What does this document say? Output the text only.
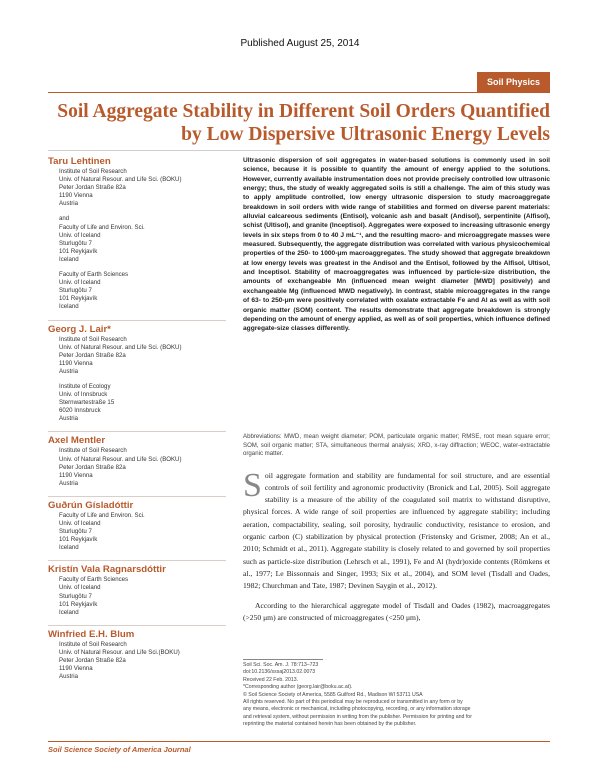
Published August 25, 2014
Soil Physics
Soil Aggregate Stability in Different Soil Orders Quantified by Low Dispersive Ultrasonic Energy Levels

Taru Lehtinen

Institute of Soil Research
Univ. of Natural Resour. and Life Sci. (BOKU)
Peter Jordan Straße 82a
1190 Vienna
Austria
and
Faculty of Life and Environ. Sci.
Univ. of Iceland
Sturlugötu 7
101 Reykjavík
Iceland
Faculty of Earth Sciences
Univ. of Iceland
Sturlugötu 7
101 Reykjavík
Iceland

Georg J. Lair*

Institute of Soil Research
Univ. of Natural Resour. and Life Sci. (BOKU)
Peter Jordan Straße 82a
1190 Vienna
Austria
Institute of Ecology
Univ. of Innsbruck
Sternwartestraße 15
6020 Innsbruck
Austria

Axel Mentler

Institute of Soil Research
Univ. of Natural Resour. and Life Sci. (BOKU)
Peter Jordan Straße 82a
1190 Vienna
Austria

Guðrún Gísladóttir

Faculty of Life and Environ. Sci.
Univ. of Iceland
Sturlugötu 7
101 Reykjavík
Iceland

Kristín Vala Ragnarsdóttir

Faculty of Earth Sciences
Univ. of Iceland
Sturlugötu 7
101 Reykjavík
Iceland

Winfried E.H. Blum

Institute of Soil Research
Univ. of Natural Resour. and Life Sci.(BOKU)
Peter Jordan Straße 82a
1190 Vienna
Austria

Ultrasonic dispersion of soil aggregates in water-based solutions is commonly used in soil science, because it is possible to quantify the amount of energy applied to the solutions. However, currently available instrumentation does not provide precisely controlled low ultrasonic energy; thus, the study of weakly aggregated soils is still a challenge. The aim of this study was to apply amplitude controlled, low energy ultrasonic dispersion to study macroaggregate breakdown in soil orders with wide range of stabilities and formed on diverse parent materials: alluvial calcareous sediments (Entisol), volcanic ash and basalt (Andisol), serpentinite (Alfisol), schist (Ultisol), and granite (Inceptisol). Aggregates were exposed to increasing ultrasonic energy levels in six steps from 0 to 40 J mL⁻¹, and the resulting macro- and microaggregate masses were measured. Subsequently, the aggregate distribution was correlated with various physicochemical properties of the 250- to 1000-μm macroaggregates. The study showed that aggregate breakdown at low energy levels was greatest in the Andisol and the Entisol, followed by the Alfisol, Ultisol, and Inceptisol. Stability of macroaggregates was influenced by particle-size distribution, the amounts of exchangeable Mn (influenced mean weight diameter [MWD] positively) and exchangeable Mg (influenced MWD negatively). In contrast, stable microaggregates in the range of 63- to 250-μm were positively correlated with oxalate extractable Fe and Al as well as with soil organic matter (SOM) content. The results demonstrate that aggregate breakdown is strongly depending on the amount of energy applied, as well as of soil properties, which influence defined aggregate-size classes differently.

Abbreviations: MWD, mean weight diameter; POM, particulate organic matter; RMSE, root mean square error; SOM, soil organic matter; STA, simultaneous thermal analysis; XRD, x-ray diffraction; WEOC, water-extractable organic matter.

Soil aggregate formation and stability are fundamental for soil structure, and are essential controls of soil fertility and agronomic productivity (Bronick and Lal, 2005). Soil aggregate stability is a measure of the ability of the coagulated soil matrix to withstand disruptive, physical forces. A wide range of soil properties are influenced by aggregate stability; including aeration, compactability, sealing, soil porosity, hydraulic conductivity, resistance to erosion, and organic carbon (C) stabilization by physical protection (Fristensky and Grismer, 2008; An et al., 2010; Schmidt et al., 2011). Aggregate stability is closely related to and governed by soil properties such as particle-size distribution (Lehrsch et al., 1991), Fe and Al (hydr)oxide contents (Römkens et al., 1977; Le Bissonnais and Singer, 1993; Six et al., 2004), and SOM level (Tisdall and Oades, 1982; Churchman and Tate, 1987; Devinen Saygin et al., 2012).

According to the hierarchical aggregate model of Tisdall and Oades (1982), macroaggregates (>250 μm) are constructed of microaggregates (<250 μm),

Soil Sci. Soc. Am. J. 78:713–723
doi:10.2136/sssaj2013.02.0073
Received 22 Feb. 2013.
*Corresponding author (georg.lair@boku.ac.at).
© Soil Science Society of America, 5585 Guilford Rd., Madison WI 53711 USA
All rights reserved. No part of this periodical may be reproduced or transmitted in any form or by
any means, electronic or mechanical, including photocopying, recording, or any information storage
and retrieval system, without permission in writing from the publisher. Permission for printing and for
reprinting the material contained herein has been obtained by the publisher.
Soil Science Society of America Journal
